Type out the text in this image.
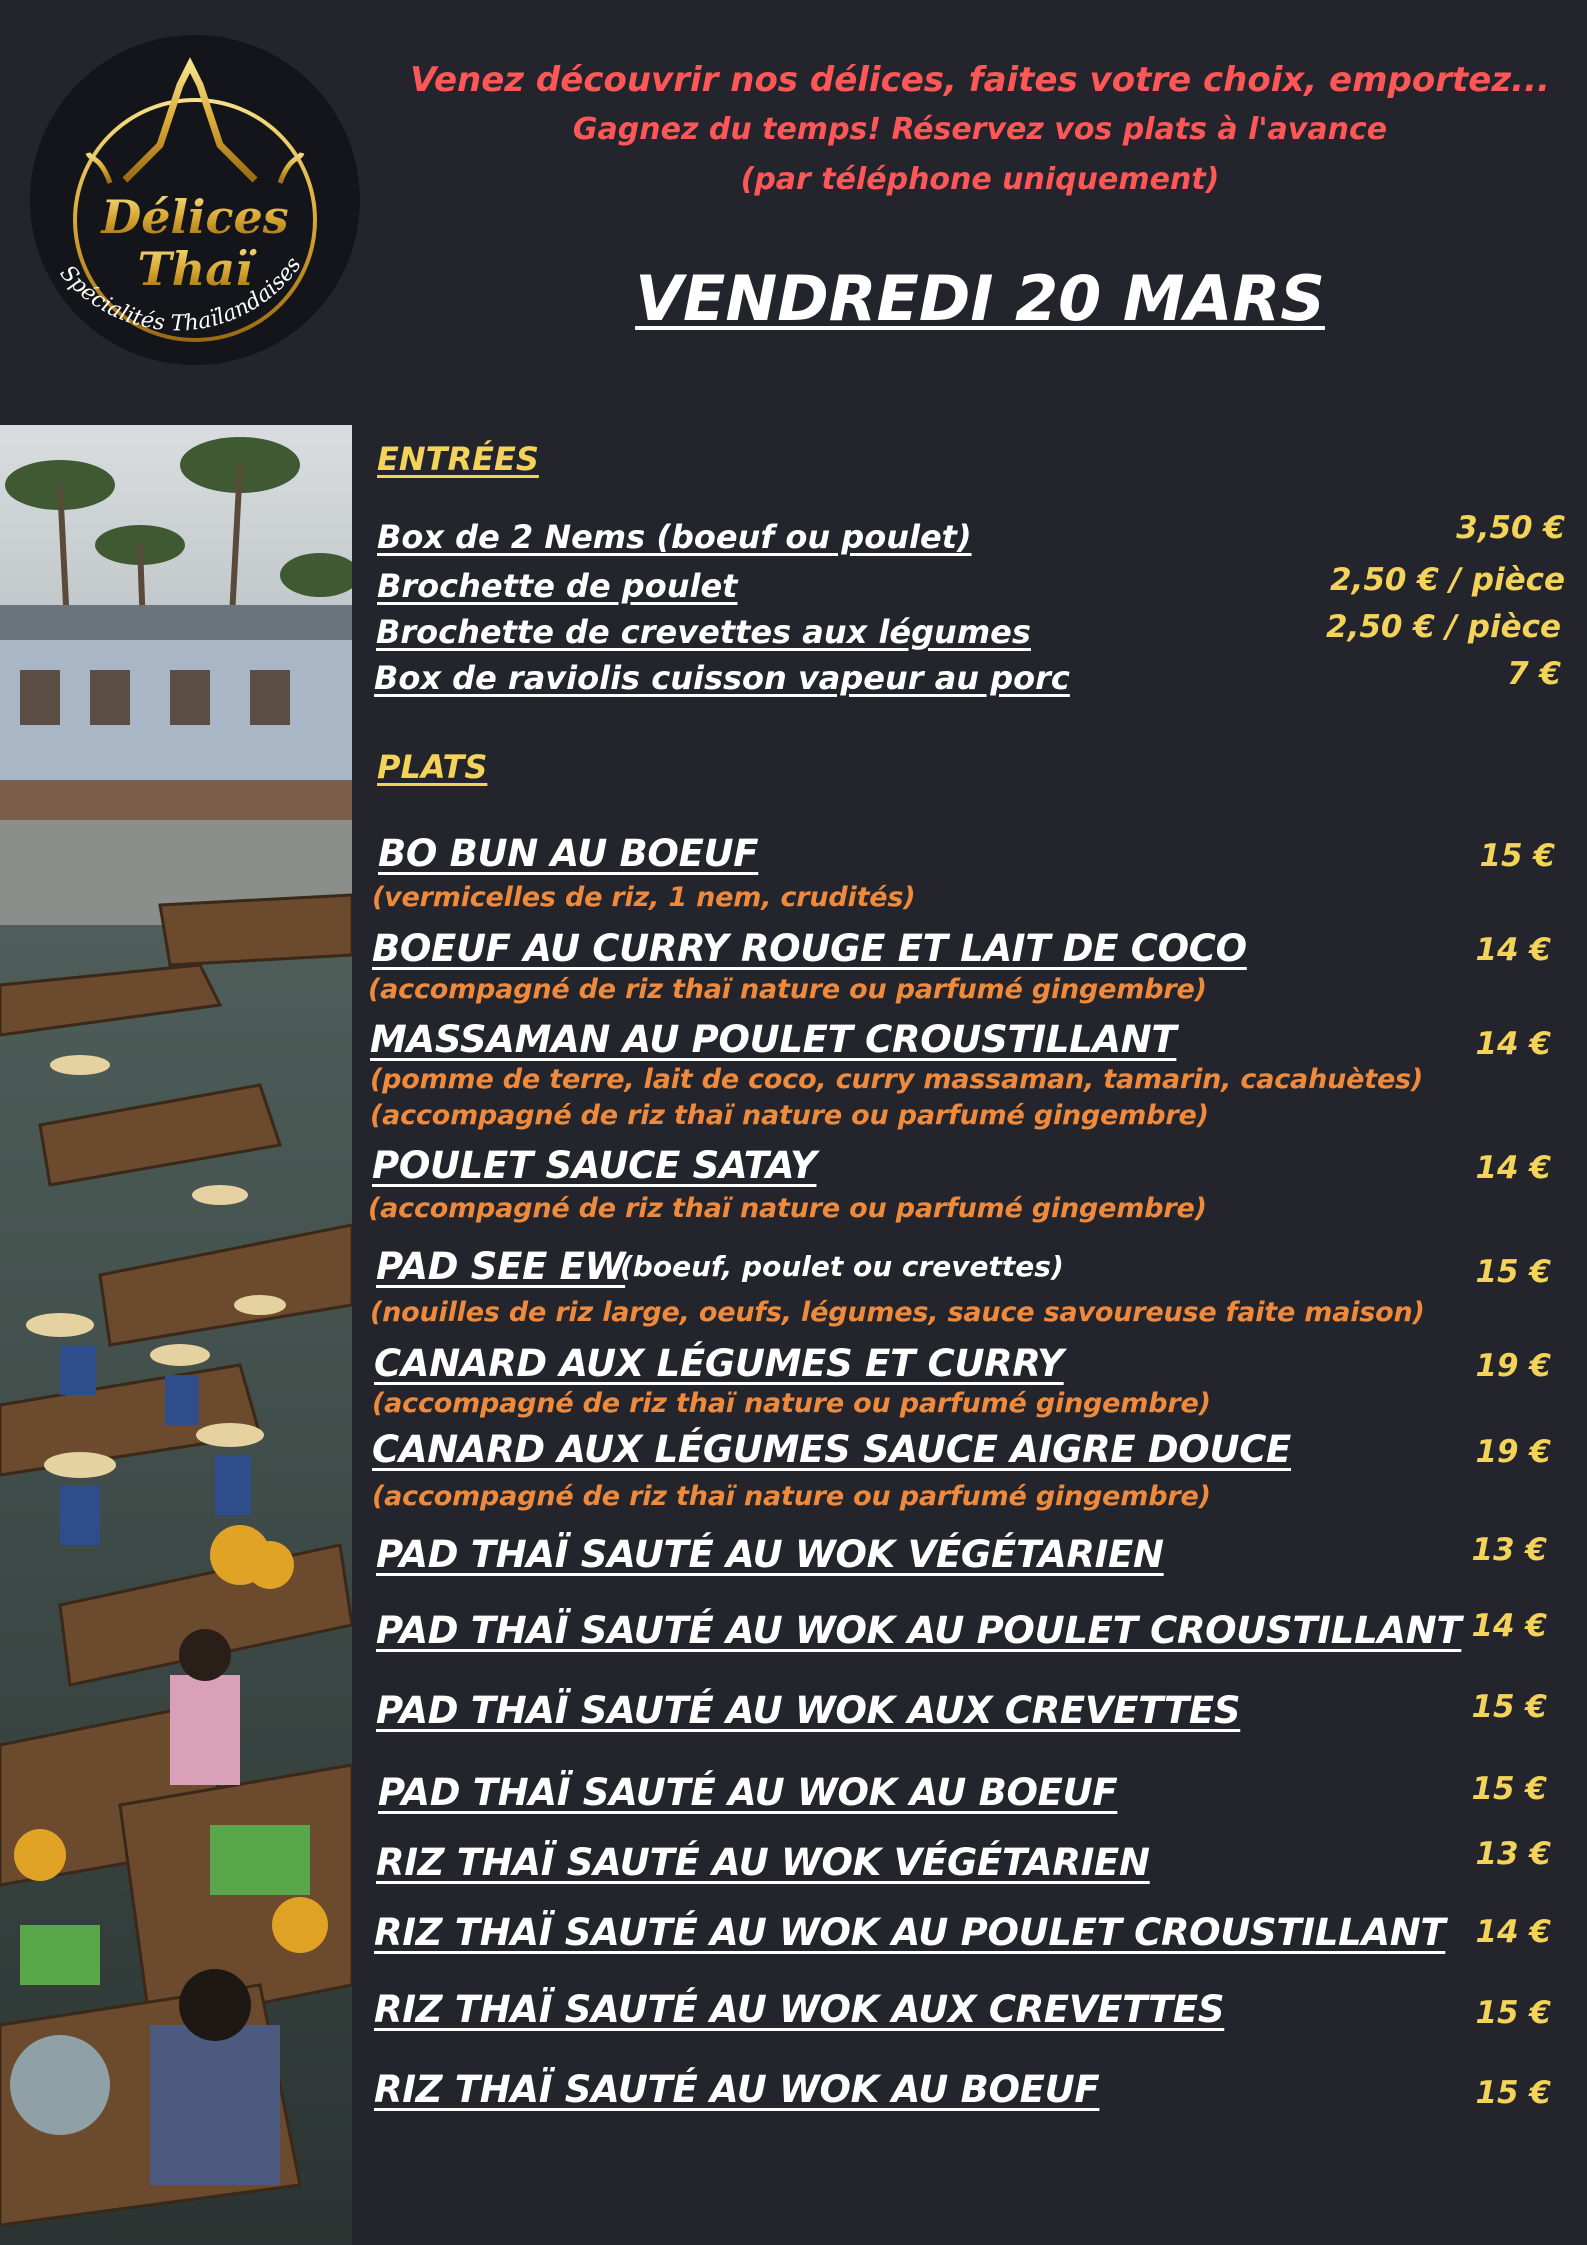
Délices
Thaï
Spécialités Thaïlandaises
Venez découvrir nos délices, faites votre choix, emportez...
Gagnez du temps! Réservez vos plats à l'avance
(par téléphone uniquement)
VENDREDI 20 MARS
ENTRÉES
Box de 2 Nems (boeuf ou poulet)	3,50 €
Brochette de poulet	2,50 € / pièce
Brochette de crevettes aux légumes	2,50 € / pièce
Box de raviolis cuisson vapeur au porc	7 €
PLATS
BO BUN AU BOEUF	15 €
(vermicelles de riz, 1 nem, crudités)
BOEUF AU CURRY ROUGE ET LAIT DE COCO	14 €
(accompagné de riz thaï nature ou parfumé gingembre)
MASSAMAN AU POULET CROUSTILLANT	14 €
(pomme de terre, lait de coco, curry massaman, tamarin, cacahuètes)
(accompagné de riz thaï nature ou parfumé gingembre)
POULET SAUCE SATAY	14 €
(accompagné de riz thaï nature ou parfumé gingembre)
PAD SEE EW
(boeuf, poulet ou crevettes)	15 €
(nouilles de riz large, oeufs, légumes, sauce savoureuse faite maison)
CANARD AUX LÉGUMES ET CURRY	19 €
(accompagné de riz thaï nature ou parfumé gingembre)
CANARD AUX LÉGUMES SAUCE AIGRE DOUCE	19 €
(accompagné de riz thaï nature ou parfumé gingembre)
PAD THAÏ SAUTÉ AU WOK VÉGÉTARIEN	13 €
PAD THAÏ SAUTÉ AU WOK AU POULET CROUSTILLANT 14 €
PAD THAÏ SAUTÉ AU WOK AUX CREVETTES	15 €
PAD THAÏ SAUTÉ AU WOK AU BOEUF	15 €
RIZ THAÏ SAUTÉ AU WOK VÉGÉTARIEN	13 €
RIZ THAÏ SAUTÉ AU WOK AU POULET CROUSTILLANT 14 €
RIZ THAÏ SAUTÉ AU WOK AUX CREVETTES	15 €
RIZ THAÏ SAUTÉ AU WOK AU BOEUF	15 €
